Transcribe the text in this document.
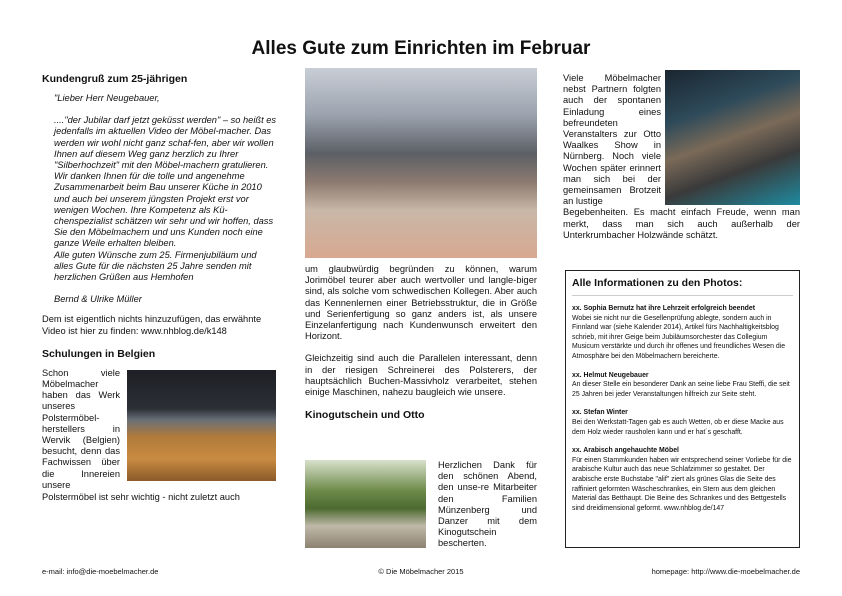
Alles Gute zum Einrichten im Februar
Kundengruß zum 25-jährigen

"Lieber Herr Neugebauer,

...."der Jubilar darf jetzt geküsst werden" – so heißt es jedenfalls im aktuellen Video der Möbel-macher. Das werden wir wohl nicht ganz schaf-fen, aber wir wollen Ihnen auf diesem Weg ganz herzlich zu Ihrer "Silberhochzeit" mit den Möbel-machern gratulieren.
Wir danken Ihnen für die tolle und angenehme Zusammenarbeit beim Bau unserer Küche in 2010 und auch bei unserem jüngsten Projekt erst vor wenigen Wochen. Ihre Kompetenz als Kü-chenspezialist schätzen wir sehr und wir hoffen, dass Sie den Möbelmachern und uns Kunden noch eine ganze Weile erhalten bleiben.

Alle guten Wünsche zum 25. Firmenjubiläum und alles Gute für die nächsten 25 Jahre senden mit herzlichen Grüßen aus Hemhofen

Bernd & Ulrike Müller

Dem ist eigentlich nichts hinzuzufügen, das erwähnte Video ist hier zu finden: www.nhblog.de/k148

Schulungen in Belgien
Schon viele Möbelmacher haben das Werk unseres Polstermöbel-herstellers in Wervik (Belgien) besucht, denn das Fachwissen über die Innereien unsere
Polstermöbel ist sehr wichtig - nicht zuletzt auch

um glaubwürdig begründen zu können, warum Jorimöbel teurer aber auch wertvoller und langle-biger sind, als solche vom schwedischen Kollegen. Aber auch das Kennenlernen einer Betriebsstruktur, die in Größe und Serienfertigung so ganz anders ist, als unsere Einzelanfertigung nach Kundenwunsch erweitert den Horizont.

Gleichzeitig sind auch die Parallelen interessant, denn in der riesigen Schreinerei des Polsterers, der hauptsächlich Buchen-Massivholz verarbeitet, stehen einige Maschinen, nahezu baugleich wie unsere.

Kinogutschein und Otto
Herzlichen Dank für den schönen Abend, den unse-re Mitarbeiter den Familien Münzenberg und Danzer mit dem Kinogutschein bescherten.
Viele Möbelmacher nebst Partnern folgten auch der spontanen Einladung eines befreundeten Veranstalters zur Otto Waalkes Show in Nürnberg. Noch viele Wochen später erinnert man sich bei der gemeinsamen Brotzeit an lustige
Begebenheiten. Es macht einfach Freude, wenn man merkt, dass man sich auch außerhalb der Unterkrumbacher Holzwände schätzt.
Alle Informationen zu den Photos:
xx. Sophia Bernutz hat ihre Lehrzeit erfolgreich beendet
Wobei sie nicht nur die Gesellenprüfung ablegte, sondern auch in Finnland war (siehe Kalender 2014), Artikel fürs Nachhaltigkeitsblog schrieb, mit ihrer Geige beim Jubiläumsorchester das Collegium Musicum verstärkte und durch ihr offenes und freundliches Wesen die Atmosphäre bei den Möbelmachern bereicherte.
xx. Helmut Neugebauer
An dieser Stelle ein besonderer Dank an seine liebe Frau Steffi, die seit 25 Jahren bei jeder Veranstaltungen hilfreich zur Seite steht.
xx. Stefan Winter
Bei den Werkstatt-Tagen gab es auch Wetten, ob er diese Macke aus dem Holz wieder rausholen kann und er hat´s geschafft.
xx. Arabisch angehauchte Möbel
Für einen Stammkunden haben wir entsprechend seiner Vorliebe für die arabische Kultur auch das neue Schlafzimmer so gestaltet. Der arabische erste Buchstabe "alif" ziert als grünes Glas die Seite des raffiniert geformten Wäscheschrankes, ein Stern aus dem gleichen Material das Betthaupt. Die Beine des Schrankes und des Bettgestells sind dreidimensional geformt. www.nhblog.de/147
e-mail: info@die-moebelmacher.de	© Die Möbelmacher 2015	homepage: http://www.die-moebelmacher.de
